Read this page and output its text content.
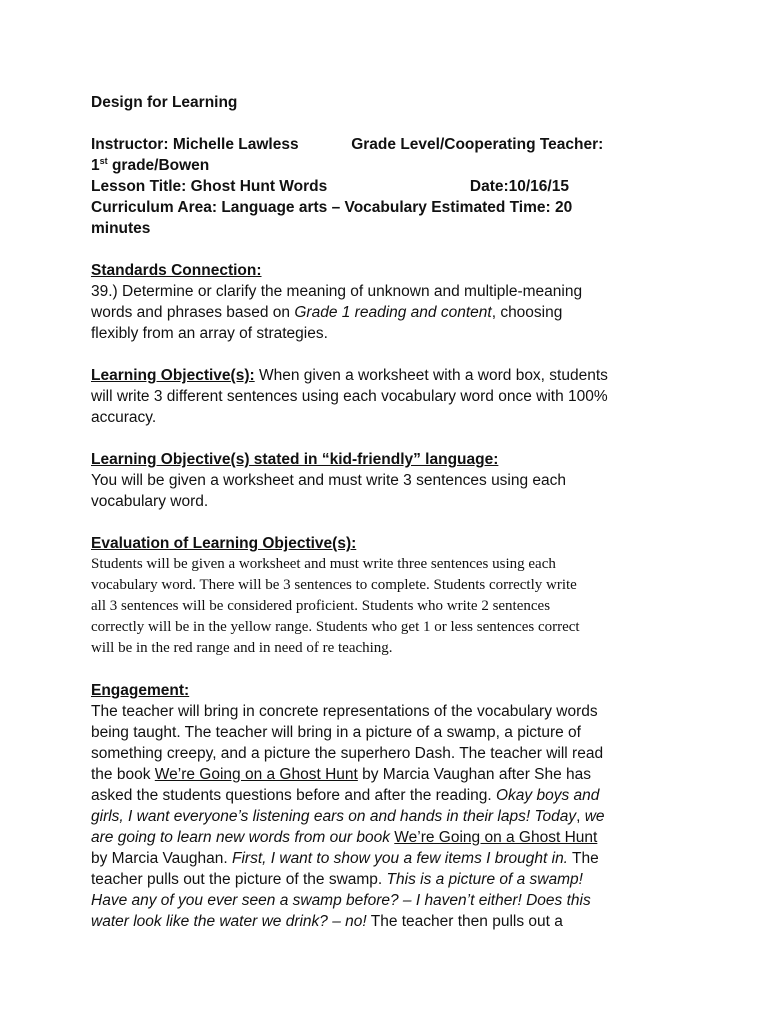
Design for Learning
Instructor: Michelle Lawless	Grade Level/Cooperating Teacher:
1st grade/Bowen
Lesson Title: Ghost Hunt Words	Date:10/16/15
Curriculum Area: Language arts – Vocabulary Estimated Time: 20
minutes
Standards Connection:
39.) Determine or clarify the meaning of unknown and multiple-meaning
words and phrases based on Grade 1 reading and content, choosing
flexibly from an array of strategies.
Learning Objective(s): When given a worksheet with a word box, students
will write 3 different sentences using each vocabulary word once with 100%
accuracy.
Learning Objective(s) stated in “kid-friendly” language:
You will be given a worksheet and must write 3 sentences using each
vocabulary word.
Evaluation of Learning Objective(s):
Students will be given a worksheet and must write three sentences using each
vocabulary word. There will be 3 sentences to complete. Students correctly write
all 3 sentences will be considered proficient. Students who write 2 sentences
correctly will be in the yellow range. Students who get 1 or less sentences correct
will be in the red range and in need of re teaching.
Engagement:
The teacher will bring in concrete representations of the vocabulary words
being taught. The teacher will bring in a picture of a swamp, a picture of
something creepy, and a picture the superhero Dash. The teacher will read
the book We’re Going on a Ghost Hunt by Marcia Vaughan after She has
asked the students questions before and after the reading. Okay boys and
girls, I want everyone’s listening ears on and hands in their laps! Today, we
are going to learn new words from our book We’re Going on a Ghost Hunt
by Marcia Vaughan. First, I want to show you a few items I brought in. The
teacher pulls out the picture of the swamp. This is a picture of a swamp!
Have any of you ever seen a swamp before? – I haven’t either! Does this
water look like the water we drink? – no! The teacher then pulls out a
